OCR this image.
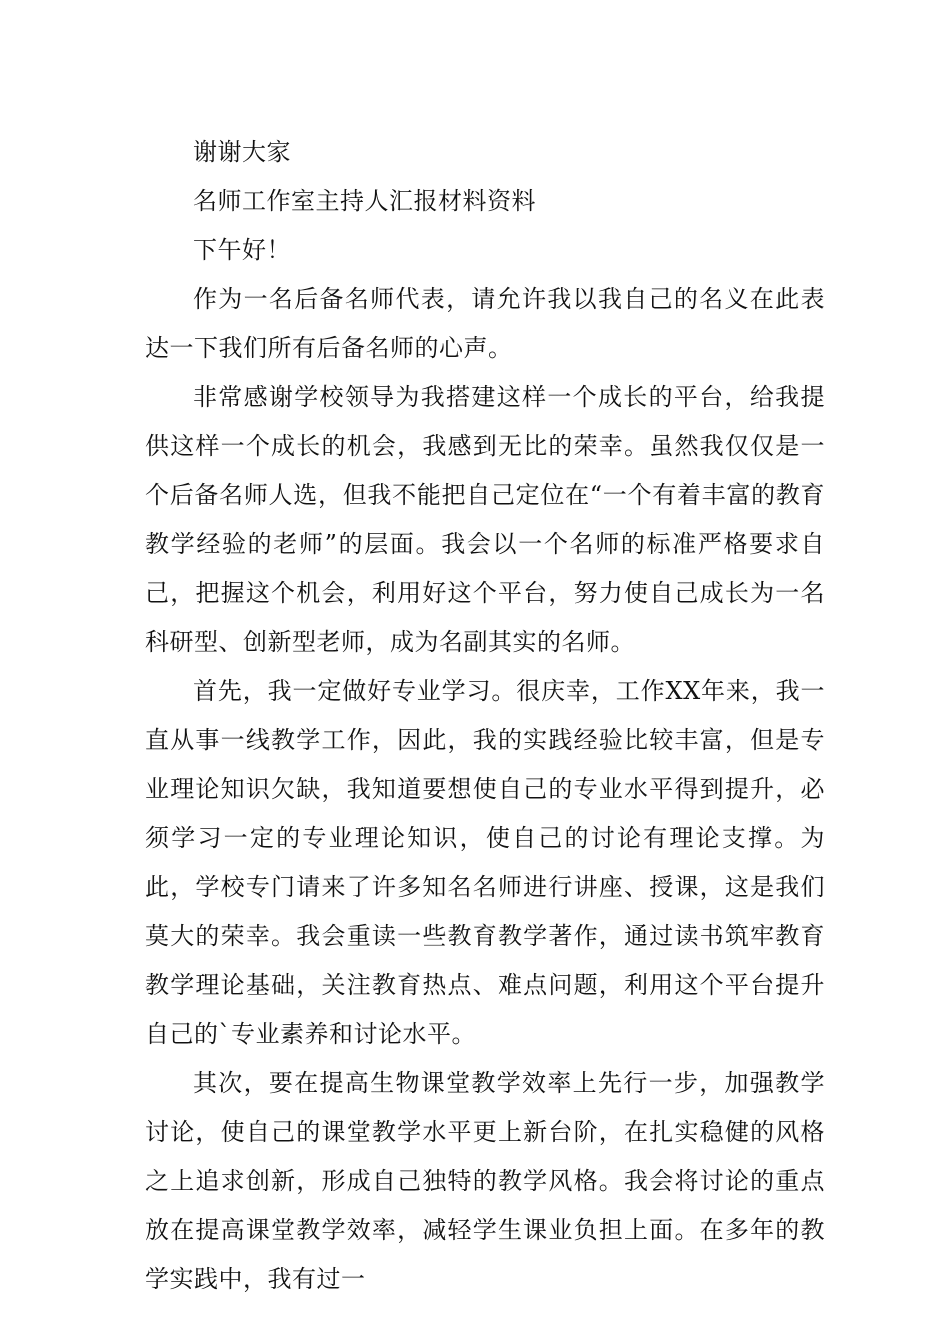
谢谢大家

名师工作室主持人汇报材料资料

下午好！

作为一名后备名师代表，请允许我以我自己的名义在此表达一下我们所有后备名师的心声。

非常感谢学校领导为我搭建这样一个成长的平台，给我提供这样一个成长的机会，我感到无比的荣幸。虽然我仅仅是一个后备名师人选，但我不能把自己定位在“一个有着丰富的教育教学经验的老师”的层面。我会以一个名师的标准严格要求自己，把握这个机会，利用好这个平台，努力使自己成长为一名科研型、创新型老师，成为名副其实的名师。

首先，我一定做好专业学习。很庆幸，工作XX年来，我一直从事一线教学工作，因此，我的实践经验比较丰富，但是专业理论知识欠缺，我知道要想使自己的专业水平得到提升，必须学习一定的专业理论知识，使自己的讨论有理论支撑。为此，学校专门请来了许多知名名师进行讲座、授课，这是我们莫大的荣幸。我会重读一些教育教学著作，通过读书筑牢教育教学理论基础，关注教育热点、难点问题，利用这个平台提升自己的`专业素养和讨论水平。

其次，要在提高生物课堂教学效率上先行一步，加强教学讨论，使自己的课堂教学水平更上新台阶，在扎实稳健的风格之上追求创新，形成自己独特的教学风格。我会将讨论的重点放在提高课堂教学效率，减轻学生课业负担上面。在多年的教学实践中，我有过一
